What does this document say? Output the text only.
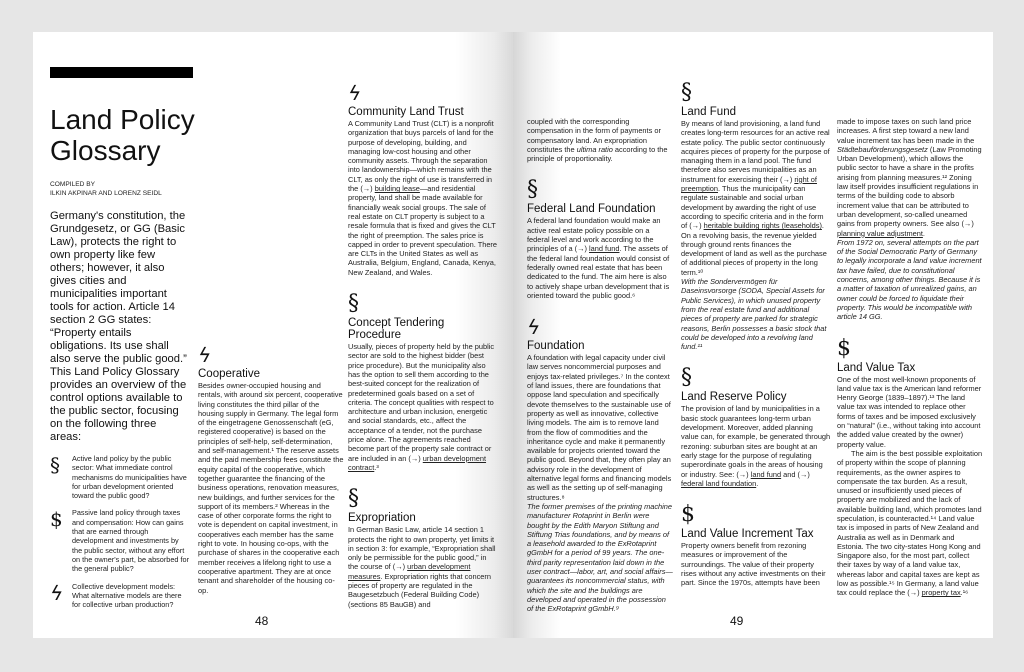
Land Policy
Glossary
COMPILED BY
ILKIN AKPINAR AND LORENZ SEIDL

Germany's constitution, the Grundgesetz, or GG (Basic Law), protects the right to own property like few others; however, it also gives cities and municipalities important tools for action. Article 14 section 2 GG states: “Property entails obligations. Its use shall also serve the public good.” This Land Policy Glossary provides an overview of the control options available to the public sector, focusing on the following three areas:

§	Active land policy by the public sector: What immediate control mechanisms do municipalities have for urban development oriented toward the public good?

$	Passive land policy through taxes and compensation: How can gains that are earned through development and investments by the public sector, without any effort on the owner's part, be absorbed for the general public?

ϟ Collective development models: What alternative models are there for collective urban production?

ϟ
Cooperative

Besides owner-occupied housing and rentals, with around six percent, cooperative living constitutes the third pillar of the housing supply in Germany. The legal form of the eingetragene Genossenschaft (eG, registered cooperative) is based on the principles of self-help, self-determination, and self-management.¹ The reserve assets and the paid membership fees constitute the equity capital of the cooperative, which together guarantee the financing of the business operations, renovation measures, new buildings, and further services for the support of its members.² Whereas in the case of other corporate forms the right to vote is dependent on capital investment, in cooperatives each member has the same right to vote. In housing co-ops, with the purchase of shares in the cooperative each member receives a lifelong right to use a cooperative apartment. They are at once tenant and shareholder of the housing co-op.

ϟ
Community Land Trust

A Community Land Trust (CLT) is a nonprofit organization that buys parcels of land for the purpose of developing, building, and managing low-cost housing and other community assets. Through the separation into landownership—which remains with the CLT, as only the right of use is transferred in the (→) building lease—and residential property, land shall be made available for financially weak social groups. The sale of real estate on CLT property is subject to a resale formula that is fixed and gives the CLT the right of preemption. The sales price is capped in order to prevent speculation. There are CLTs in the United States as well as Australia, Belgium, England, Canada, Kenya, New Zealand, and Wales.

§
Concept Tendering Procedure

Usually, pieces of property held by the public sector are sold to the highest bidder (best price procedure). But the municipality also has the option to sell them according to the best-suited concept for the realization of predetermined goals based on a set of criteria. The concept qualities with respect to architecture and urban inclusion, energetic and social standards, etc., affect the acceptance of a tender, not the purchase price alone. The agreements reached become part of the property sale contract or are included in an (→) urban development contract.³

§
Expropriation

In German Basic Law, article 14 section 1 protects the right to own property, yet limits it in section 3: for example, “Expropriation shall only be permissible for the public good,” in the course of (→) urban development measures. Expropriation rights that concern pieces of property are regulated in the Baugesetzbuch (Federal Building Code) (sections 85 BauGB) and

48

coupled with the corresponding compensation in the form of payments or compensatory land. An expropriation constitutes the ultima ratio according to the principle of proportionality.

§
Federal Land Foundation

A federal land foundation would make an active real estate policy possible on a federal level and work according to the principles of a (→) land fund. The assets of the federal land foundation would consist of federally owned real estate that has been dedicated to the fund. The aim here is also to actively shape urban development that is oriented toward the public good.⁶

ϟ
Foundation

A foundation with legal capacity under civil law serves noncommercial purposes and enjoys tax-related privileges.⁷ In the context of land issues, there are foundations that oppose land speculation and specifically devote themselves to the sustainable use of property as well as innovative, collective living models. The aim is to remove land from the flow of commodities and the inheritance cycle and make it permanently available for projects oriented toward the public good. Beyond that, they often play an advisory role in the development of alternative legal forms and financing models as well as the setting up of self-managing structures.⁸

The former premises of the printing machine manufacturer Rotaprint in Berlin were bought by the Edith Maryon Stiftung and Stiftung Trias foundations, and by means of a leasehold awarded to the ExRotaprint gGmbH for a period of 99 years. The one-third parity representation laid down in the user contract—labor, art, and social affairs—guarantees its noncommercial status, with which the site and the buildings are developed and operated in the possession of the ExRotaprint gGmbH.⁹

§
Land Fund

By means of land provisioning, a land fund creates long-term resources for an active real estate policy. The public sector continuously acquires pieces of property for the purpose of managing them in a land pool. The fund therefore also serves municipalities as an instrument for exercising their (→) right of preemption. Thus the municipality can regulate sustainable and social urban development by awarding the right of use according to specific criteria and in the form of (→) heritable building rights (leaseholds). On a revolving basis, the revenue yielded through ground rents finances the development of land as well as the purchase of additional pieces of property in the long term.¹⁰

With the Sondervermögen für Daseinsvorsorge (SODA, Special Assets for Public Services), in which unused property from the real estate fund and additional pieces of property are parked for strategic reasons, Berlin possesses a basic stock that could be developed into a revolving land fund.¹¹

§
Land Reserve Policy

The provision of land by municipalities in a basic stock guarantees long-term urban development. Moreover, added planning value can, for example, be generated through rezoning: suburban sites are bought at an early stage for the purpose of regulating superordinate goals in the areas of housing or industry. See: (→) land fund and (→) federal land foundation.

$
Land Value Increment Tax

Property owners benefit from rezoning measures or improvement of the surroundings. The value of their property rises without any active investments on their part. Since the 1970s, attempts have been

made to impose taxes on such land price increases. A first step toward a new land value increment tax has been made in the Städtebauförderungsgesetz (Law Promoting Urban Development), which allows the public sector to have a share in the profits arising from planning measures.¹² Zoning law itself provides insufficient regulations in terms of the building code to absorb increment value that can be attributed to urban development, so-called unearned gains from property owners. See also (→) planning value adjustment.

From 1972 on, several attempts on the part of the Social Democratic Party of Germany to legally incorporate a land value increment tax have failed, due to constitutional concerns, among other things. Because it is a matter of taxation of unrealized gains, an owner could be forced to liquidate their property. This would be incompatible with article 14 GG.

$
Land Value Tax

One of the most well-known proponents of land value tax is the American land reformer Henry George (1839–1897).¹³ The land value tax was intended to replace other forms of taxes and be imposed exclusively on “natural” (i.e., without taking into account the added value created by the owner) property value.

The aim is the best possible exploitation of property within the scope of planning requirements, as the owner aspires to compensate the tax burden. As a result, unused or insufficiently used pieces of property are mobilized and the lack of available building land, which promotes land speculation, is counteracted.¹⁴ Land value tax is imposed in parts of New Zealand and Australia as well as in Denmark and Estonia. The two city-states Hong Kong and Singapore also, for the most part, collect their taxes by way of a land value tax, whereas labor and capital taxes are kept as low as possible.¹⁵ In Germany, a land value tax could replace the (→) property tax.¹⁶

49
